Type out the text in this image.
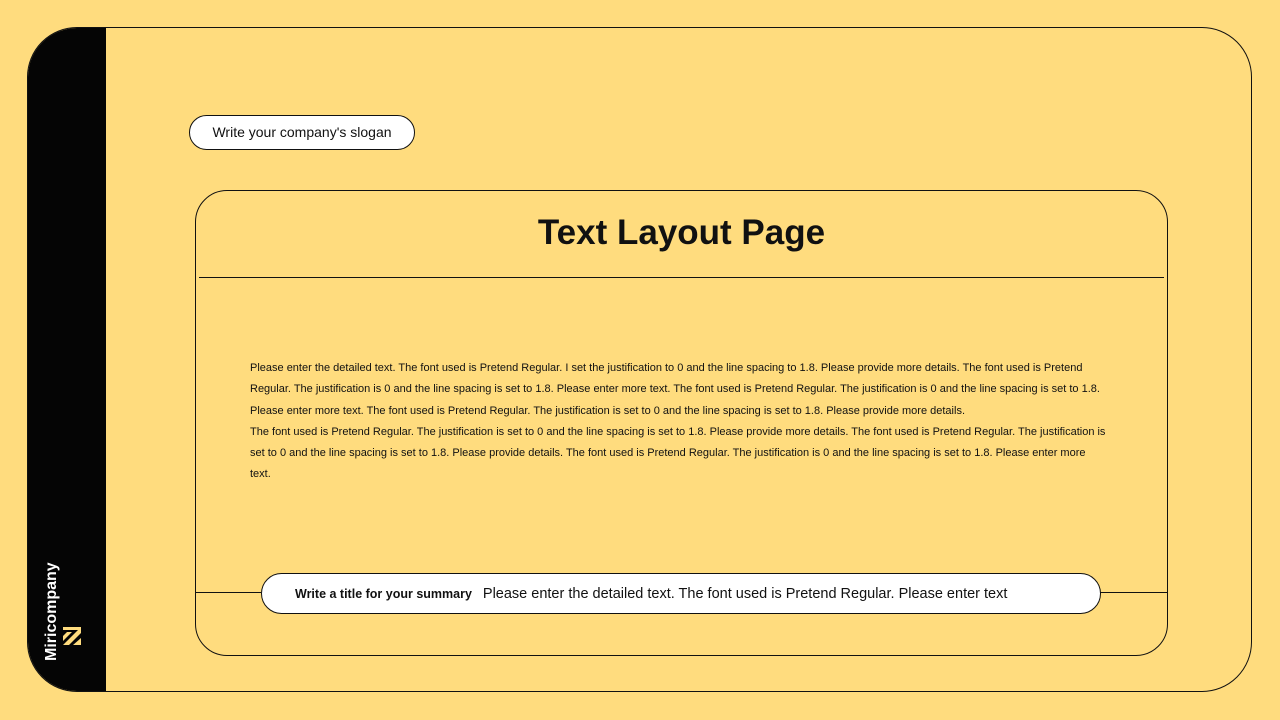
Miricompany
Write your company's slogan
Text Layout Page

Please enter the detailed text. The font used is Pretend Regular. I set the justification to 0 and the line spacing to 1.8. Please provide more details. The font used is Pretend Regular. The justification is 0 and the line spacing is set to 1.8. Please enter more text. The font used is Pretend Regular. The justification is 0 and the line spacing is set to 1.8. Please enter more text. The font used is Pretend Regular. The justification is set to 0 and the line spacing is set to 1.8. Please provide more details.

The font used is Pretend Regular. The justification is set to 0 and the line spacing is set to 1.8. Please provide more details. The font used is Pretend Regular. The justification is set to 0 and the line spacing is set to 1.8. Please provide details. The font used is Pretend Regular. The justification is 0 and the line spacing is set to 1.8. Please enter more text.

Write a title for your summary Please enter the detailed text. The font used is Pretend Regular. Please enter text
